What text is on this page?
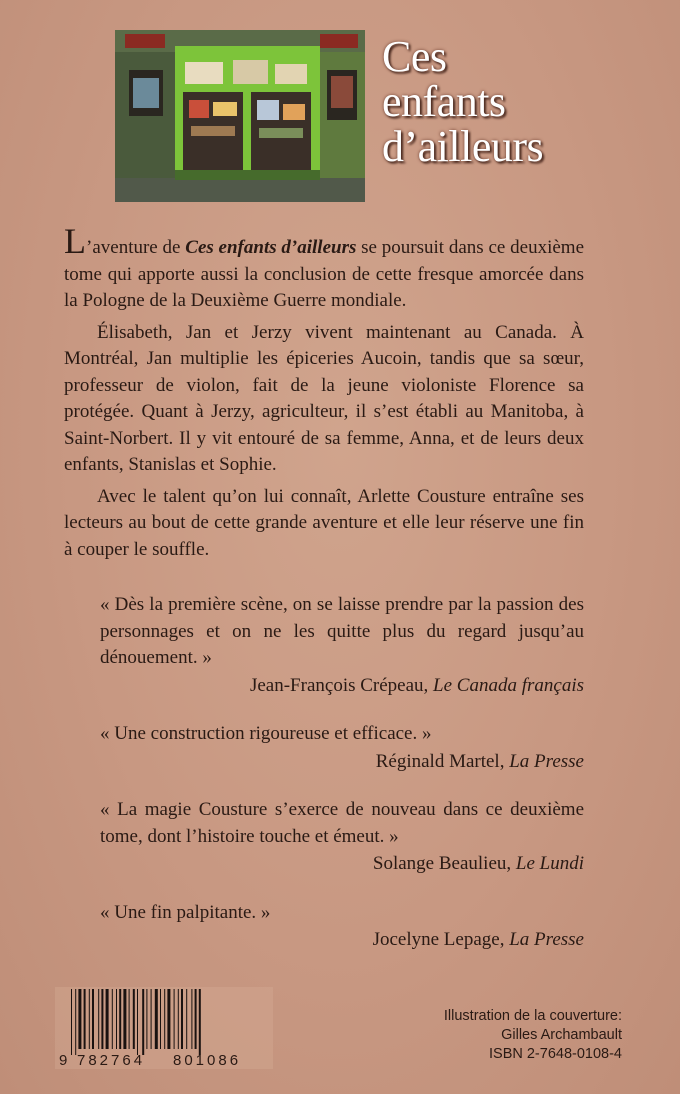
Ces
enfants
d’ailleurs

L’aventure de Ces enfants d’ailleurs se poursuit dans ce deuxième tome qui apporte aussi la conclusion de cette fresque amorcée dans la Pologne de la Deuxième Guerre mondiale.

Élisabeth, Jan et Jerzy vivent maintenant au Canada. À Montréal, Jan multiplie les épiceries Aucoin, tandis que sa sœur, professeur de violon, fait de la jeune violoniste Florence sa protégée. Quant à Jerzy, agriculteur, il s’est établi au Manitoba, à Saint-Norbert. Il y vit entouré de sa femme, Anna, et de leurs deux enfants, Stanislas et Sophie.

Avec le talent qu’on lui connaît, Arlette Cousture entraîne ses lecteurs au bout de cette grande aventure et elle leur réserve une fin à couper le souffle.

« Dès la première scène, on se laisse prendre par la passion des personnages et on ne les quitte plus du regard jusqu’au dénouement. »

Jean-François Crépeau, Le Canada français

« Une construction rigoureuse et efficace. »

Réginald Martel, La Presse

« La magie Cousture s’exerce de nouveau dans ce deuxième tome, dont l’histoire touche et émeut. »

Solange Beaulieu, Le Lundi

« Une fin palpitante. »

Jocelyne Lepage, La Presse
9 782764 801086
Illustration de la couverture:
Gilles Archambault
ISBN 2-7648-0108-4
